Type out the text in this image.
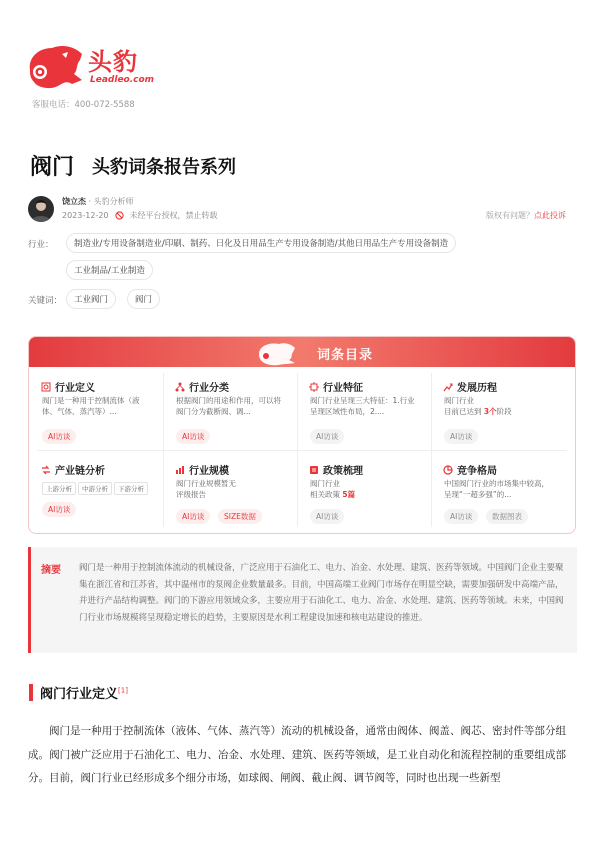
头豹
Leadleo.com
客服电话：400-072-5588
阀门 头豹词条报告系列
饶立杰 · 头豹分析师
2023-12-20	未经平台授权，禁止转载	版权有问题？点此投诉
行业：	制造业/专用设备制造业/印刷、制药、日化及日用品生产专用设备制造/其他日用品生产专用设备制造
工业制品/工业制造
关键词：	工业阀门	阀门
词条目录
行业定义
阀门是一种用于控制流体（液体、气体、蒸汽等）...
AI访谈
行业分类
根据阀门的用途和作用，可以将阀门分为截断阀、调...
AI访谈
行业特征
阀门行业呈现三大特征：1.行业呈现区域性布局，2....
AI访谈
发展历程
阀门行业
目前已达到 3个阶段
AI访谈
产业链分析
上游分析	中游分析	下游分析
AI访谈
行业规模
阀门行业规模暂无评级报告
AI访谈	SIZE数据
政策梳理
阀门行业
相关政策 5篇
AI访谈
竞争格局
中国阀门行业的市场集中较高，呈现“一超多强”的...
AI访谈	数据图表
摘要 阀门是一种用于控制流体流动的机械设备，广泛应用于石油化工、电力、冶金、水处理、建筑、医药等领域。中国阀门企业主要聚集在浙江省和江苏省，其中温州市的泵阀企业数量最多。目前，中国高端工业阀门市场存在明显空缺，需要加强研发中高端产品，并进行产品结构调整。阀门的下游应用领域众多，主要应用于石油化工、电力、冶金、水处理、建筑、医药等领域。未来，中国阀门行业市场规模将呈现稳定增长的趋势，主要原因是水利工程建设加速和核电站建设的推进。
阀门行业定义[1]
阀门是一种用于控制流体（液体、气体、蒸汽等）流动的机械设备，通常由阀体、阀盖、阀芯、密封件等部分组成。阀门被广泛应用于石油化工、电力、冶金、水处理、建筑、医药等领域，是工业自动化和流程控制的重要组成部分。目前，阀门行业已经形成多个细分市场，如球阀、闸阀、截止阀、调节阀等，同时也出现一些新型
